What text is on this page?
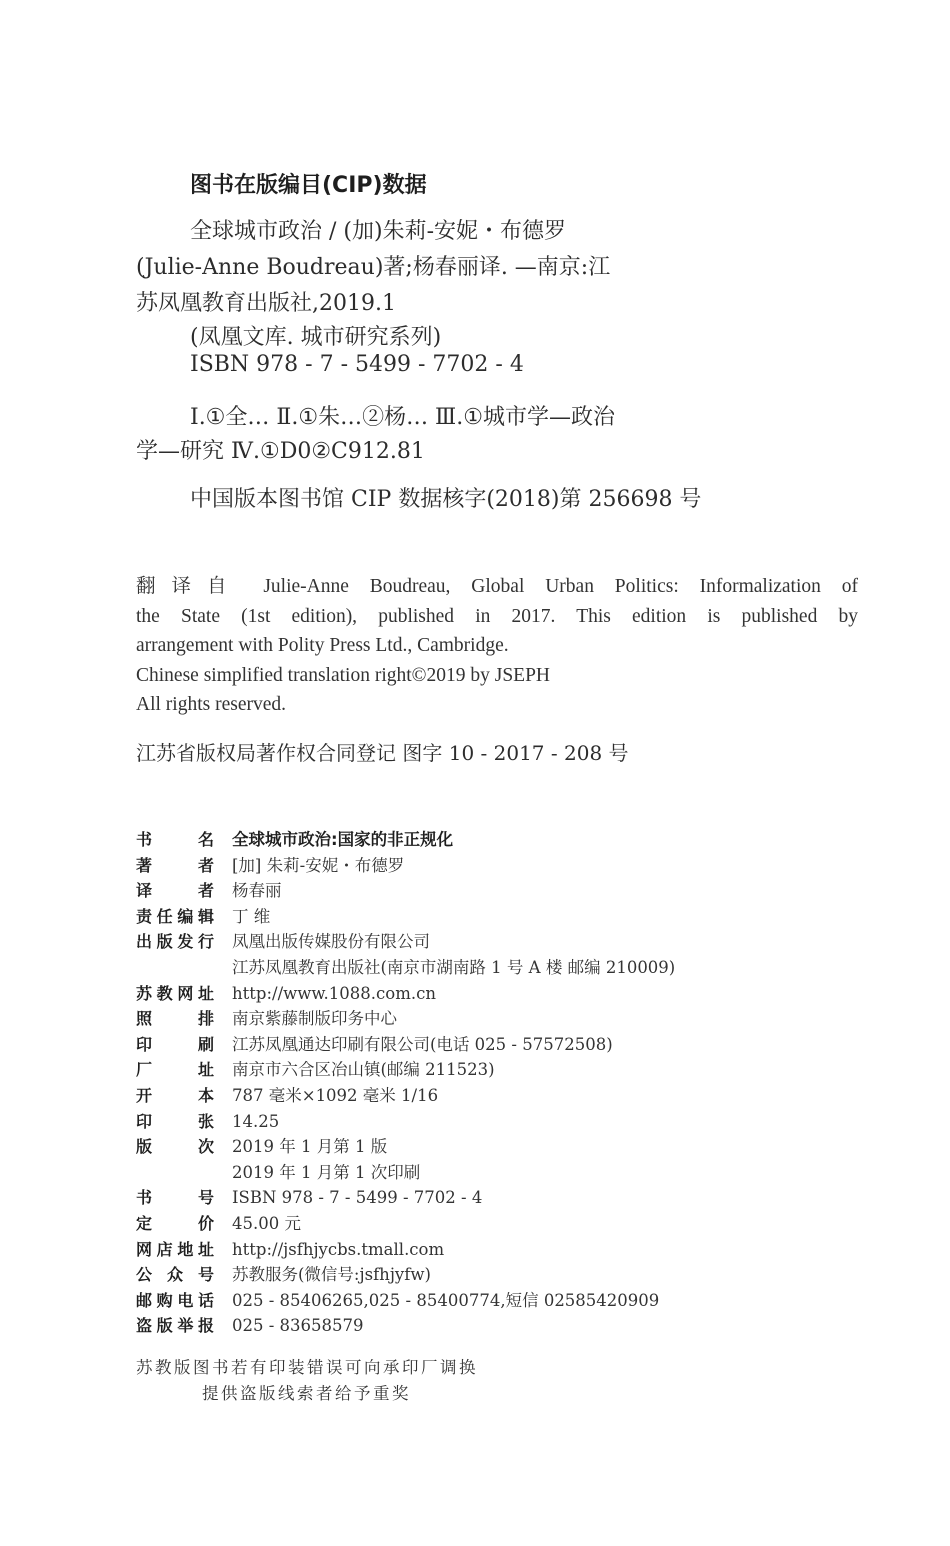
图书在版编目(CIP)数据
全球城市政治 / (加)朱莉-安妮・布德罗
(Julie-Anne Boudreau)著;杨春丽译. —南京:江
苏凤凰教育出版社,2019.1
(凤凰文库. 城市研究系列)
ISBN 978 - 7 - 5499 - 7702 - 4
Ⅰ.①全… Ⅱ.①朱…②杨… Ⅲ.①城市学—政治
学—研究 Ⅳ.①D0②C912.81
中国版本图书馆 CIP 数据核字(2018)第 256698 号
翻译自 Julie-Anne Boudreau, Global Urban Politics: Informalization of
the State (1st edition), published in 2017. This edition is published by
arrangement with Polity Press Ltd., Cambridge.
Chinese simplified translation right©2019 by JSEPH
All rights reserved.
江苏省版权局著作权合同登记 图字 10 - 2017 - 208 号
书名 全球城市政治:国家的非正规化
著者 [加] 朱莉-安妮・布德罗
译者 杨春丽
责任编辑 丁 维
出版发行 凤凰出版传媒股份有限公司
江苏凤凰教育出版社(南京市湖南路 1 号 A 楼 邮编 210009)
苏教网址 http://www.1088.com.cn
照排 南京紫藤制版印务中心
印刷 江苏凤凰通达印刷有限公司(电话 025 - 57572508)
厂址 南京市六合区冶山镇(邮编 211523)
开本 787 毫米×1092 毫米 1/16
印张 14.25
版次 2019 年 1 月第 1 版
2019 年 1 月第 1 次印刷
书号 ISBN 978 - 7 - 5499 - 7702 - 4
定价 45.00 元
网店地址 http://jsfhjycbs.tmall.com
公众号 苏教服务(微信号:jsfhjyfw)
邮购电话 025 - 85406265,025 - 85400774,短信 02585420909
盗版举报 025 - 83658579
苏教版图书若有印装错误可向承印厂调换
提供盗版线索者给予重奖
